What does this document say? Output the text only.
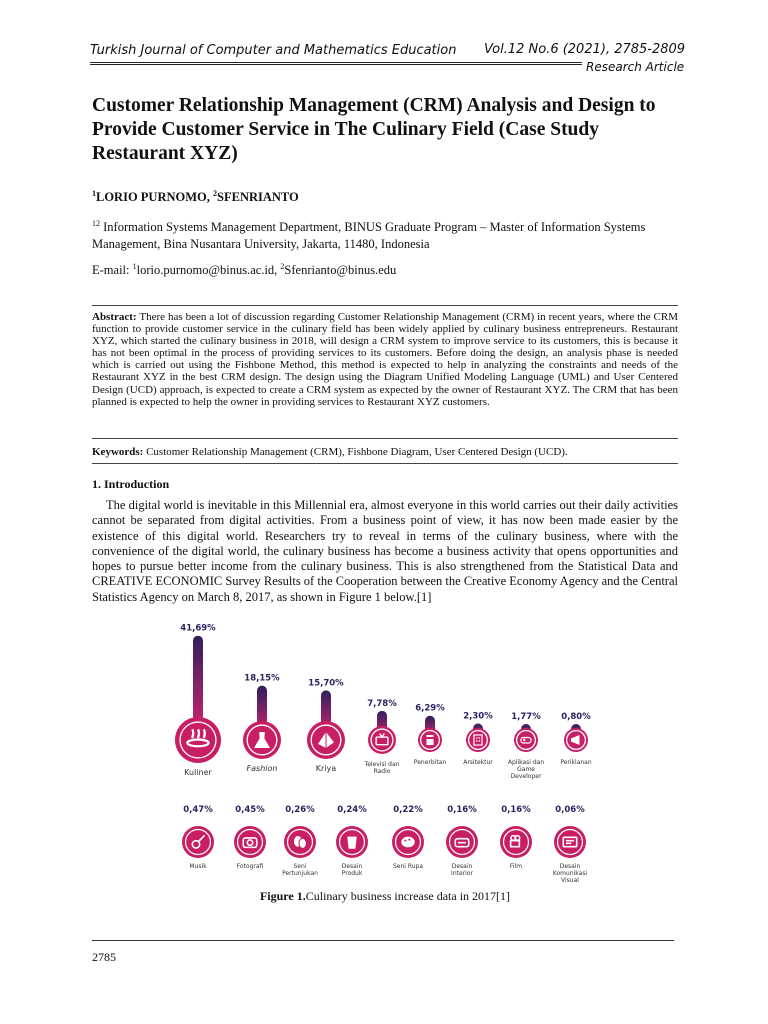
Turkish Journal of Computer and Mathematics Education Vol.12 No.6 (2021), 2785-2809
Research Article
Customer Relationship Management (CRM) Analysis and Design to Provide Customer Service in The Culinary Field (Case Study Restaurant XYZ)
$^1$LORIO PURNOMO, $^2$SFENRIANTO
$^{12}$ Information Systems Management Department, BINUS Graduate Program – Master of Information Systems Management, Bina Nusantara University, Jakarta, 11480, Indonesia
E-mail: $^1$lorio.purnomo@binus.ac.id, $^2$Sfenrianto@binus.edu
Abstract: There has been a lot of discussion regarding Customer Relationship Management (CRM) in recent years, where the CRM function to provide customer service in the culinary field has been widely applied by culinary business entrepreneurs. Restaurant XYZ, which started the culinary business in 2018, will design a CRM system to improve service to its customers, this is because it has not been optimal in the process of providing services to its customers. Before doing the design, an analysis phase is needed which is carried out using the Fishbone Method, this method is expected to help in analyzing the constraints and needs of the Restaurant XYZ in the best CRM design. The design using the Diagram Unified Modeling Language (UML) and User Centered Design (UCD) approach, is expected to create a CRM system as expected by the owner of Restaurant XYZ. The CRM that has been planned is expected to help the owner in providing services to Restaurant XYZ customers.
Keywords: Customer Relationship Management (CRM), Fishbone Diagram, User Centered Design (UCD).
1. Introduction
The digital world is inevitable in this Millennial era, almost everyone in this world carries out their daily activities cannot be separated from digital activities. From a business point of view, it has now been made easier by the existence of this digital world. Researchers try to reveal in terms of the culinary business, where with the convenience of the digital world, the culinary business has become a business activity that opens opportunities and hopes to pursue better income from the culinary business. This is also strengthened from the Statistical Data and CREATIVE ECONOMIC Survey Results of the Cooperation between the Creative Economy Agency and the Central Statistics Agency on March 8, 2017, as shown in Figure 1 below.[1]
41,69%
Kuliner
18,15%
Fashion
15,70%
Kriya
7,78%
Televisi dan
Radio
6,29%
Penerbitan
2,30%
Arsitektur
1,77%
Aplikasi dan
Game
Developer
0,80%
Periklanan
0,47%
Musik
0,45%
Fotografi
0,26%
Seni
Pertunjukan
0,24%
Desain
Produk
0,22%
Seni Rupa
0,16%
Desain
Interior
0,16%
Film
0,06%
Desain
Komunikasi
Visual
Figure 1.Culinary business increase data in 2017[1]
2785
